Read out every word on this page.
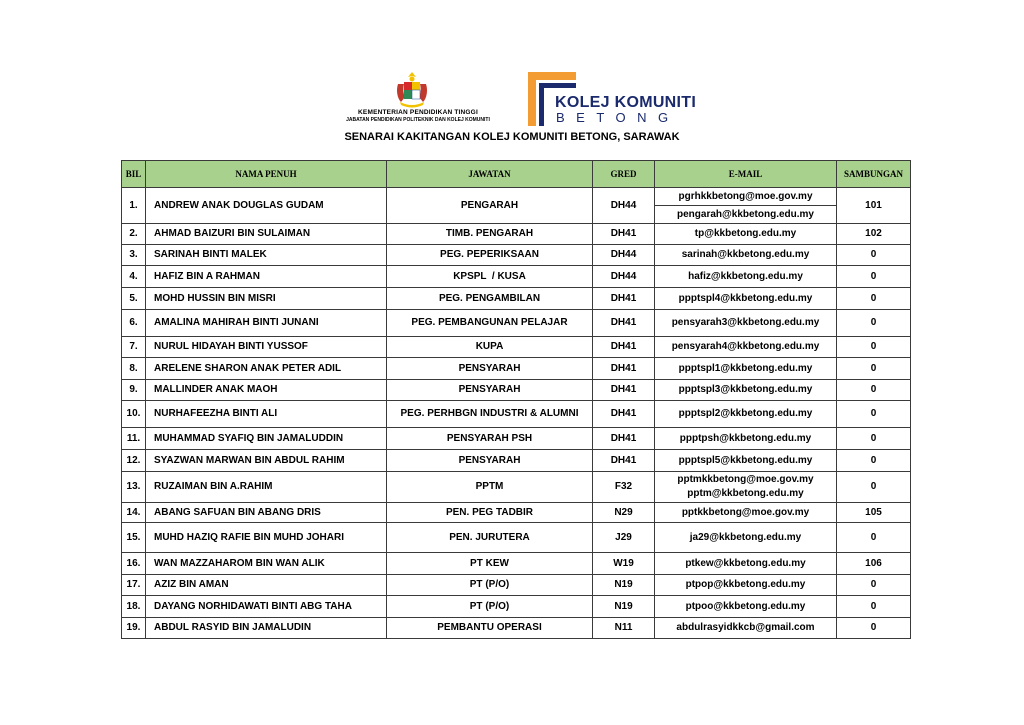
KEMENTERIAN PENDIDIKAN TINGGI
JABATAN PENDIDIKAN POLITEKNIK DAN KOLEJ KOMUNITI
KOLEJ KOMUNITI
BETONG
SENARAI KAKITANGAN KOLEJ KOMUNITI BETONG, SARAWAK
BIL	NAMA PENUH	JAWATAN	GRED	E-MAIL	SAMBUNGAN
1.	ANDREW ANAK DOUGLAS GUDAM	PENGARAH	DH44	pgrhkkbetong@moe.gov.my
pengarah@kkbetong.edu.my	101
2.	AHMAD BAIZURI BIN SULAIMAN	TIMB. PENGARAH	DH41	tp@kkbetong.edu.my	102
3.	SARINAH BINTI MALEK	PEG. PEPERIKSAAN	DH44	sarinah@kkbetong.edu.my	0
4.	HAFIZ BIN A RAHMAN	KPSPL  / KUSA	DH44	hafiz@kkbetong.edu.my	0
5.	MOHD HUSSIN BIN MISRI	PEG. PENGAMBILAN	DH41	ppptspl4@kkbetong.edu.my	0
6.	AMALINA MAHIRAH BINTI JUNANI	PEG. PEMBANGUNAN PELAJAR	DH41	pensyarah3@kkbetong.edu.my	0
7.	NURUL HIDAYAH BINTI YUSSOF	KUPA	DH41	pensyarah4@kkbetong.edu.my	0
8.	ARELENE SHARON ANAK PETER ADIL	PENSYARAH	DH41	ppptspl1@kkbetong.edu.my	0
9.	MALLINDER ANAK MAOH	PENSYARAH	DH41	ppptspl3@kkbetong.edu.my	0
10.	NURHAFEEZHA BINTI ALI	PEG. PERHBGN INDUSTRI & ALUMNI	DH41	ppptspl2@kkbetong.edu.my	0
11.	MUHAMMAD SYAFIQ BIN JAMALUDDIN	PENSYARAH PSH	DH41	ppptpsh@kkbetong.edu.my	0
12.	SYAZWAN MARWAN BIN ABDUL RAHIM	PENSYARAH	DH41	ppptspl5@kkbetong.edu.my	0
13.	RUZAIMAN BIN A.RAHIM	PPTM	F32	pptmkkbetong@moe.gov.my
pptm@kkbetong.edu.my	0
14.	ABANG SAFUAN BIN ABANG DRIS	PEN. PEG TADBIR	N29	pptkkbetong@moe.gov.my	105
15.	MUHD HAZIQ RAFIE BIN MUHD JOHARI	PEN. JURUTERA	J29	ja29@kkbetong.edu.my	0
16.	WAN MAZZAHAROM BIN WAN ALIK	PT KEW	W19	ptkew@kkbetong.edu.my	106
17.	AZIZ BIN AMAN	PT (P/O)	N19	ptpop@kkbetong.edu.my	0
18.	DAYANG NORHIDAWATI BINTI ABG TAHA	PT (P/O)	N19	ptpoo@kkbetong.edu.my	0
19.	ABDUL RASYID BIN JAMALUDIN	PEMBANTU OPERASI	N11	abdulrasyidkkcb@gmail.com	0
